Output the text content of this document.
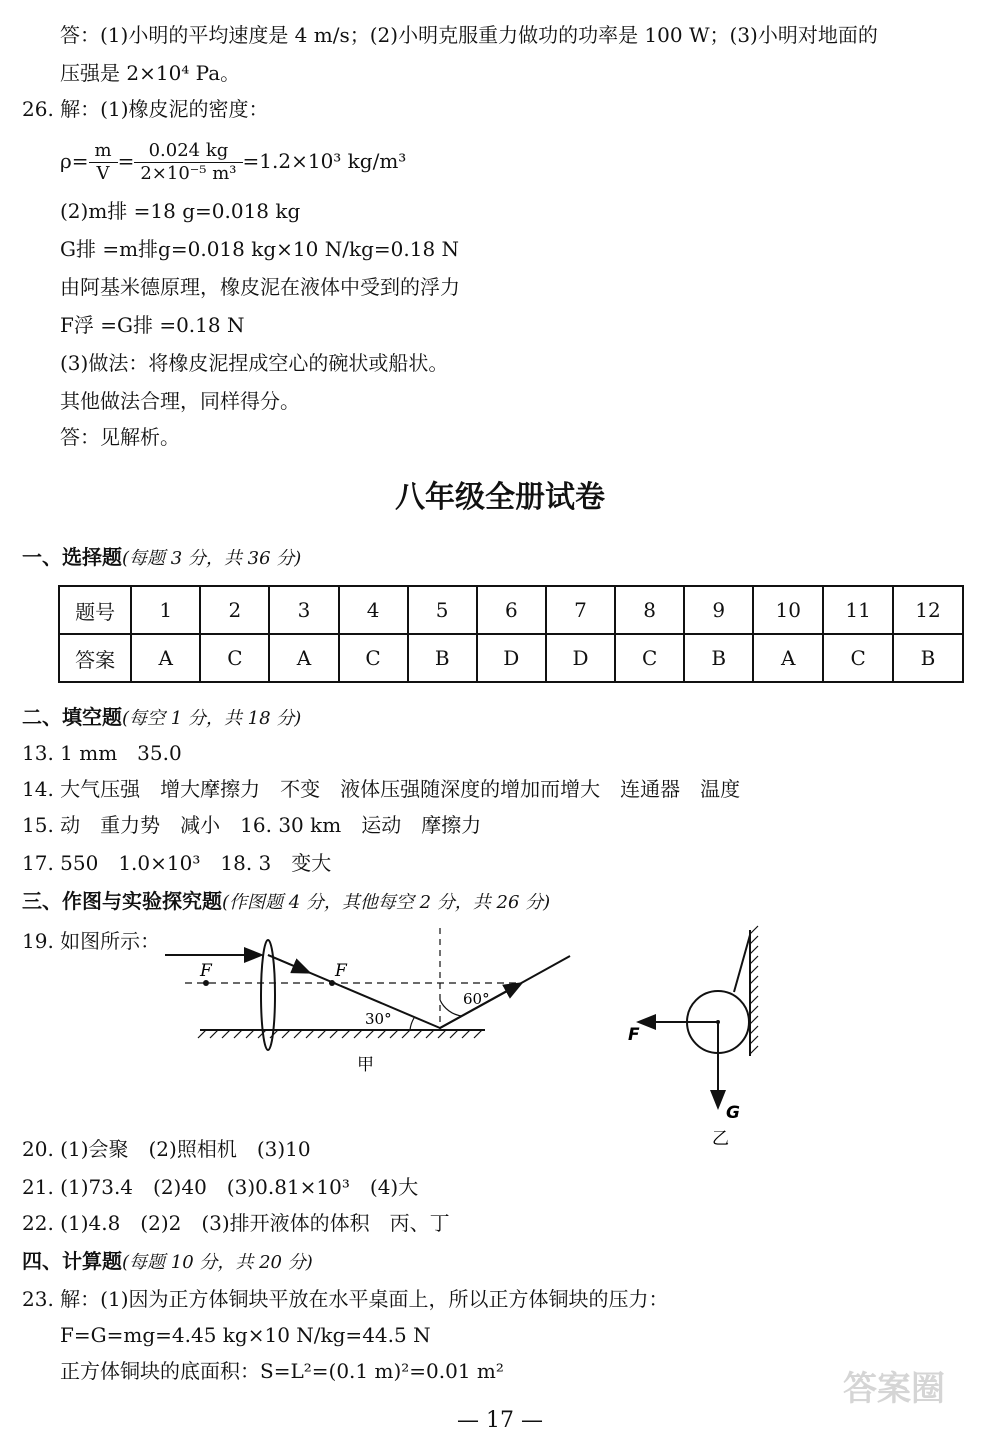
答：(1)小明的平均速度是 4 m/s；(2)小明克服重力做功的功率是 100 W；(3)小明对地面的
压强是 2×10⁴ Pa。
26. 解：(1)橡皮泥的密度：
$\rho= \frac{m}{V} = \frac{0.024 kg}{\text{2×10⁻⁵ m³}} =1.2\times 10^3$ kg/m³
(2)m排 =18 g=0.018 kg
G排 =m排g=0.018 kg×10 N/kg=0.18 N
由阿基米德原理，橡皮泥在液体中受到的浮力
F浮 =G排 =0.18 N
(3)做法：将橡皮泥捏成空心的碗状或船状。
其他做法合理，同样得分。
答：见解析。
八年级全册试卷
一、选择题(每题 3 分，共 36 分)
题号	1	2	3	4	5	6	7	8	9	10	11	12
答案	A	C	A	C	B	D	D	C	B	A	C	B
二、填空题(每空 1 分，共 18 分)
13. 1 mm　35.0
14. 大气压强　增大摩擦力　不变　液体压强随深度的增加而增大　连通器　温度
15. 动　重力势　减小　16. 30 km　运动　摩擦力
17. 550　1.0×10³　18. 3　变大
三、作图与实验探究题(作图题 4 分，其他每空 2 分，共 26 分)
19. 如图所示：
F	F
30°
60°
甲
F
G
乙
20. (1)会聚　(2)照相机　(3)10
21. (1)73.4　(2)40　(3)0.81×10³　(4)大
22. (1)4.8　(2)2　(3)排开液体的体积　丙、丁
四、计算题(每题 10 分，共 20 分)
23. 解：(1)因为正方体铜块平放在水平桌面上，所以正方体铜块的压力：
F=G=mg=4.45 kg×10 N/kg=44.5 N
正方体铜块的底面积：S=L²=(0.1 m)²=0.01 m²
— 17 —
答案圈
